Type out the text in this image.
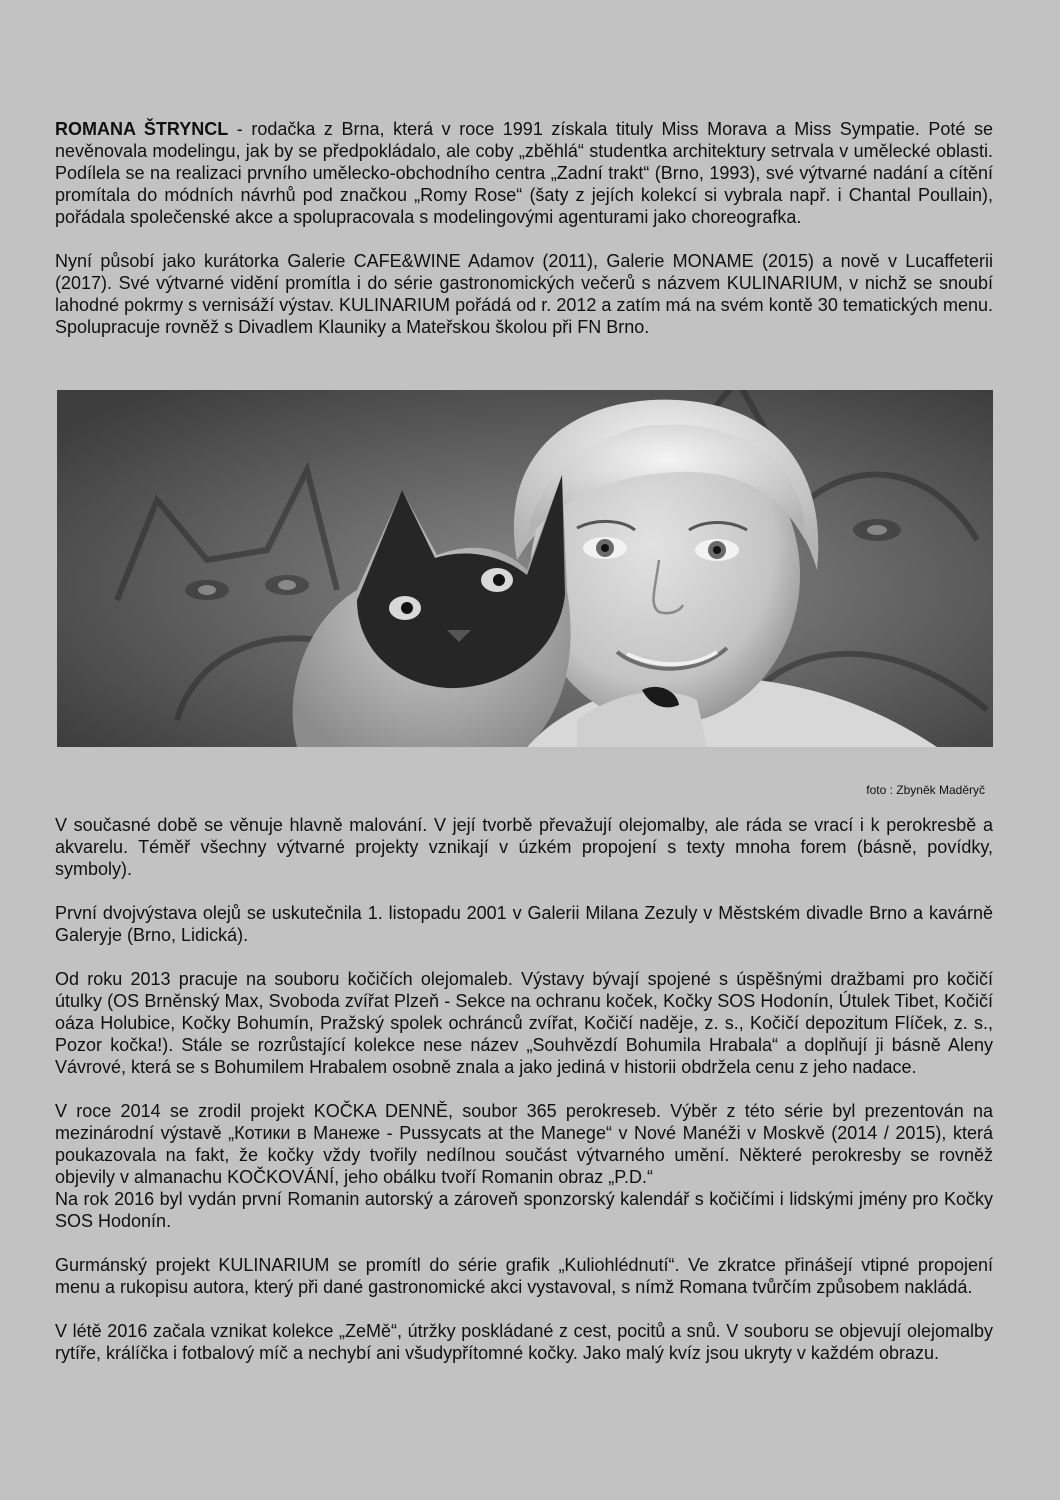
ROMANA ŠTRYNCL - rodačka z Brna, která v roce 1991 získala tituly Miss Morava a Miss Sympatie. Poté se nevěnovala modelingu, jak by se předpokládalo, ale coby „zběhlá“ studentka architektury setrvala v umělecké oblasti. Podílela se na realizaci prvního umělecko-obchodního centra „Zadní trakt“ (Brno, 1993), své výtvarné nadání a cítění promítala do módních návrhů pod značkou „Romy Rose“ (šaty z jejích kolekcí si vybrala např. i Chantal Poullain), pořádala společenské akce a spolupracovala s modelingovými agenturami jako choreografka.

Nyní působí jako kurátorka Galerie CAFE&WINE Adamov (2011), Galerie MONAME (2015) a nově v Lucaffeterii (2017). Své výtvarné vidění promítla i do série gastronomických večerů s názvem KULINARIUM, v nichž se snoubí lahodné pokrmy s vernisáží výstav. KULINARIUM pořádá od r. 2012 a zatím má na svém kontě 30 tematických menu. Spolupracuje rovněž s Divadlem Klauniky a Mateřskou školou při FN Brno.

foto : Zbyněk Maděryč

V současné době se věnuje hlavně malování. V její tvorbě převažují olejomalby, ale ráda se vrací i k perokresbě a akvarelu. Téměř všechny výtvarné projekty vznikají v úzkém propojení s texty mnoha forem (básně, povídky, symboly).

První dvojvýstava olejů se uskutečnila 1. listopadu 2001 v Galerii Milana Zezuly v Městském divadle Brno a kavárně Galeryje (Brno, Lidická).

Od roku 2013 pracuje na souboru kočičích olejomaleb. Výstavy bývají spojené s úspěšnými dražbami pro kočičí útulky (OS Brněnský Max, Svoboda zvířat Plzeň - Sekce na ochranu koček, Kočky SOS Hodonín, Útulek Tibet, Kočičí oáza Holubice, Kočky Bohumín, Pražský spolek ochránců zvířat, Kočičí naděje, z. s., Kočičí depozitum Flíček, z. s., Pozor kočka!). Stále se rozrůstající kolekce nese název „Souhvězdí Bohumila Hrabala“ a doplňují ji básně Aleny Vávrové, která se s Bohumilem Hrabalem osobně znala a jako jediná v historii obdržela cenu z jeho nadace.

V roce 2014 se zrodil projekt KOČKA DENNĚ, soubor 365 perokreseb. Výběr z této série byl prezentován na mezinárodní výstavě „Котики в Манеже - Pussycats at the Manege“ v Nové Manéži v Moskvě (2014 / 2015), která poukazovala na fakt, že kočky vždy tvořily nedílnou součást výtvarného umění. Některé perokresby se rovněž objevily v almanachu KOČKOVÁNÍ, jeho obálku tvoří Romanin obraz „P.D.“

Na rok 2016 byl vydán první Romanin autorský a zároveň sponzorský kalendář s kočičími i lidskými jmény pro Kočky SOS Hodonín.

Gurmánský projekt KULINARIUM se promítl do série grafik „Kuliohlédnutí“. Ve zkratce přinášejí vtipné propojení menu a rukopisu autora, který při dané gastronomické akci vystavoval, s nímž Romana tvůrčím způsobem nakládá.

V létě 2016 začala vznikat kolekce „ZeMě“, útržky poskládané z cest, pocitů a snů. V souboru se objevují olejomalby rytíře, králíčka i fotbalový míč a nechybí ani všudypřítomné kočky. Jako malý kvíz jsou ukryty v každém obrazu.
